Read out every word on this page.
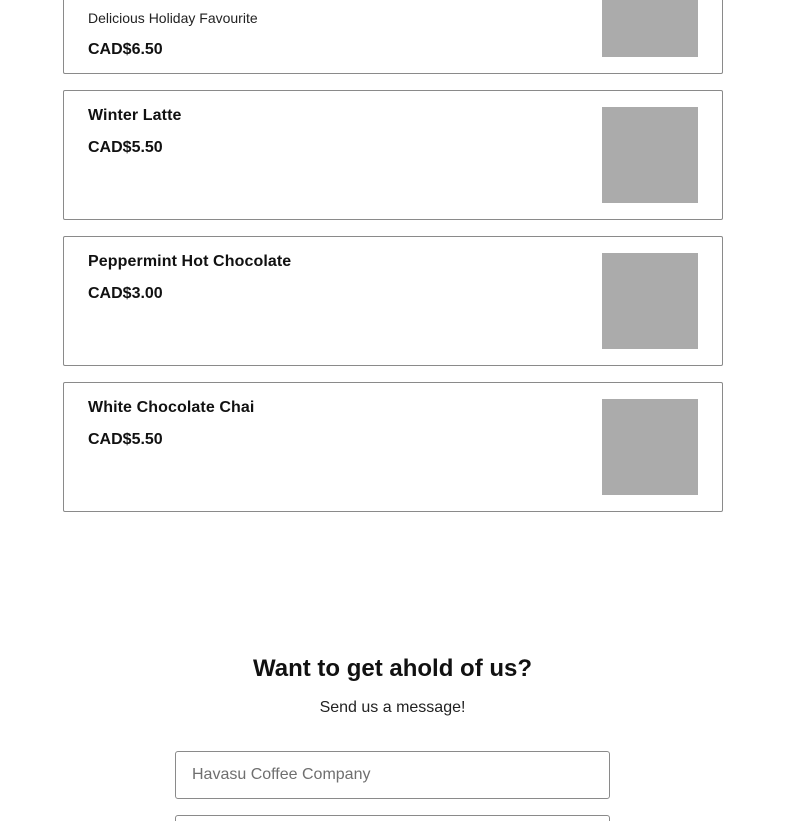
Delicious Holiday Favourite
CAD$6.50
Winter Latte
CAD$5.50
Peppermint Hot Chocolate
CAD$3.00
White Chocolate Chai
CAD$5.50
Want to get ahold of us?
Send us a message!
Havasu Coffee Company
